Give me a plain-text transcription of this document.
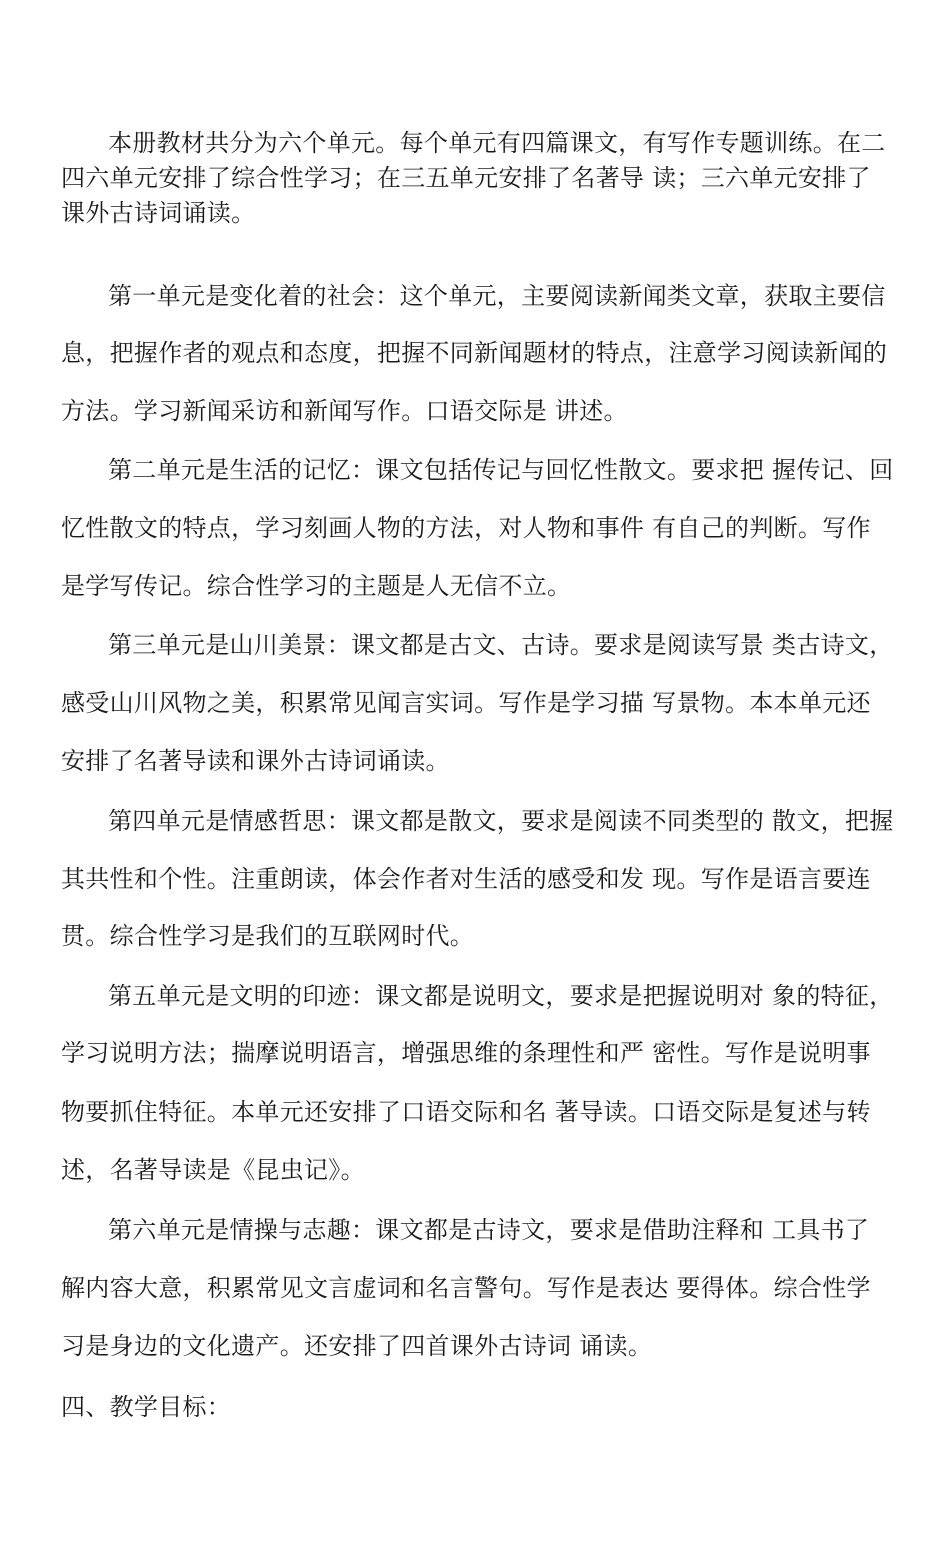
本册教材共分为六个单元。每个单元有四篇课文，有写作专题训练。在二
四六单元安排了综合性学习；在三五单元安排了名著导 读；三六单元安排了
课外古诗词诵读。
第一单元是变化着的社会：这个单元，主要阅读新闻类文章，获取主要信
息，把握作者的观点和态度，把握不同新闻题材的特点，注意学习阅读新闻的
方法。学习新闻采访和新闻写作。口语交际是 讲述。
第二单元是生活的记忆：课文包括传记与回忆性散文。要求把 握传记、回
忆性散文的特点，学习刻画人物的方法，对人物和事件 有自己的判断。写作
是学写传记。综合性学习的主题是人无信不立。
第三单元是山川美景：课文都是古文、古诗。要求是阅读写景 类古诗文，
感受山川风物之美，积累常见闻言实词。写作是学习描 写景物。本本单元还
安排了名著导读和课外古诗词诵读。
第四单元是情感哲思：课文都是散文，要求是阅读不同类型的 散文，把握
其共性和个性。注重朗读，体会作者对生活的感受和发 现。写作是语言要连
贯。综合性学习是我们的互联网时代。
第五单元是文明的印迹：课文都是说明文，要求是把握说明对 象的特征，
学习说明方法；揣摩说明语言，增强思维的条理性和严 密性。写作是说明事
物要抓住特征。本单元还安排了口语交际和名 著导读。口语交际是复述与转
述，名著导读是《昆虫记》。
第六单元是情操与志趣：课文都是古诗文，要求是借助注释和 工具书了
解内容大意，积累常见文言虚词和名言警句。写作是表达 要得体。综合性学
习是身边的文化遗产。还安排了四首课外古诗词 诵读。
四、教学目标：
